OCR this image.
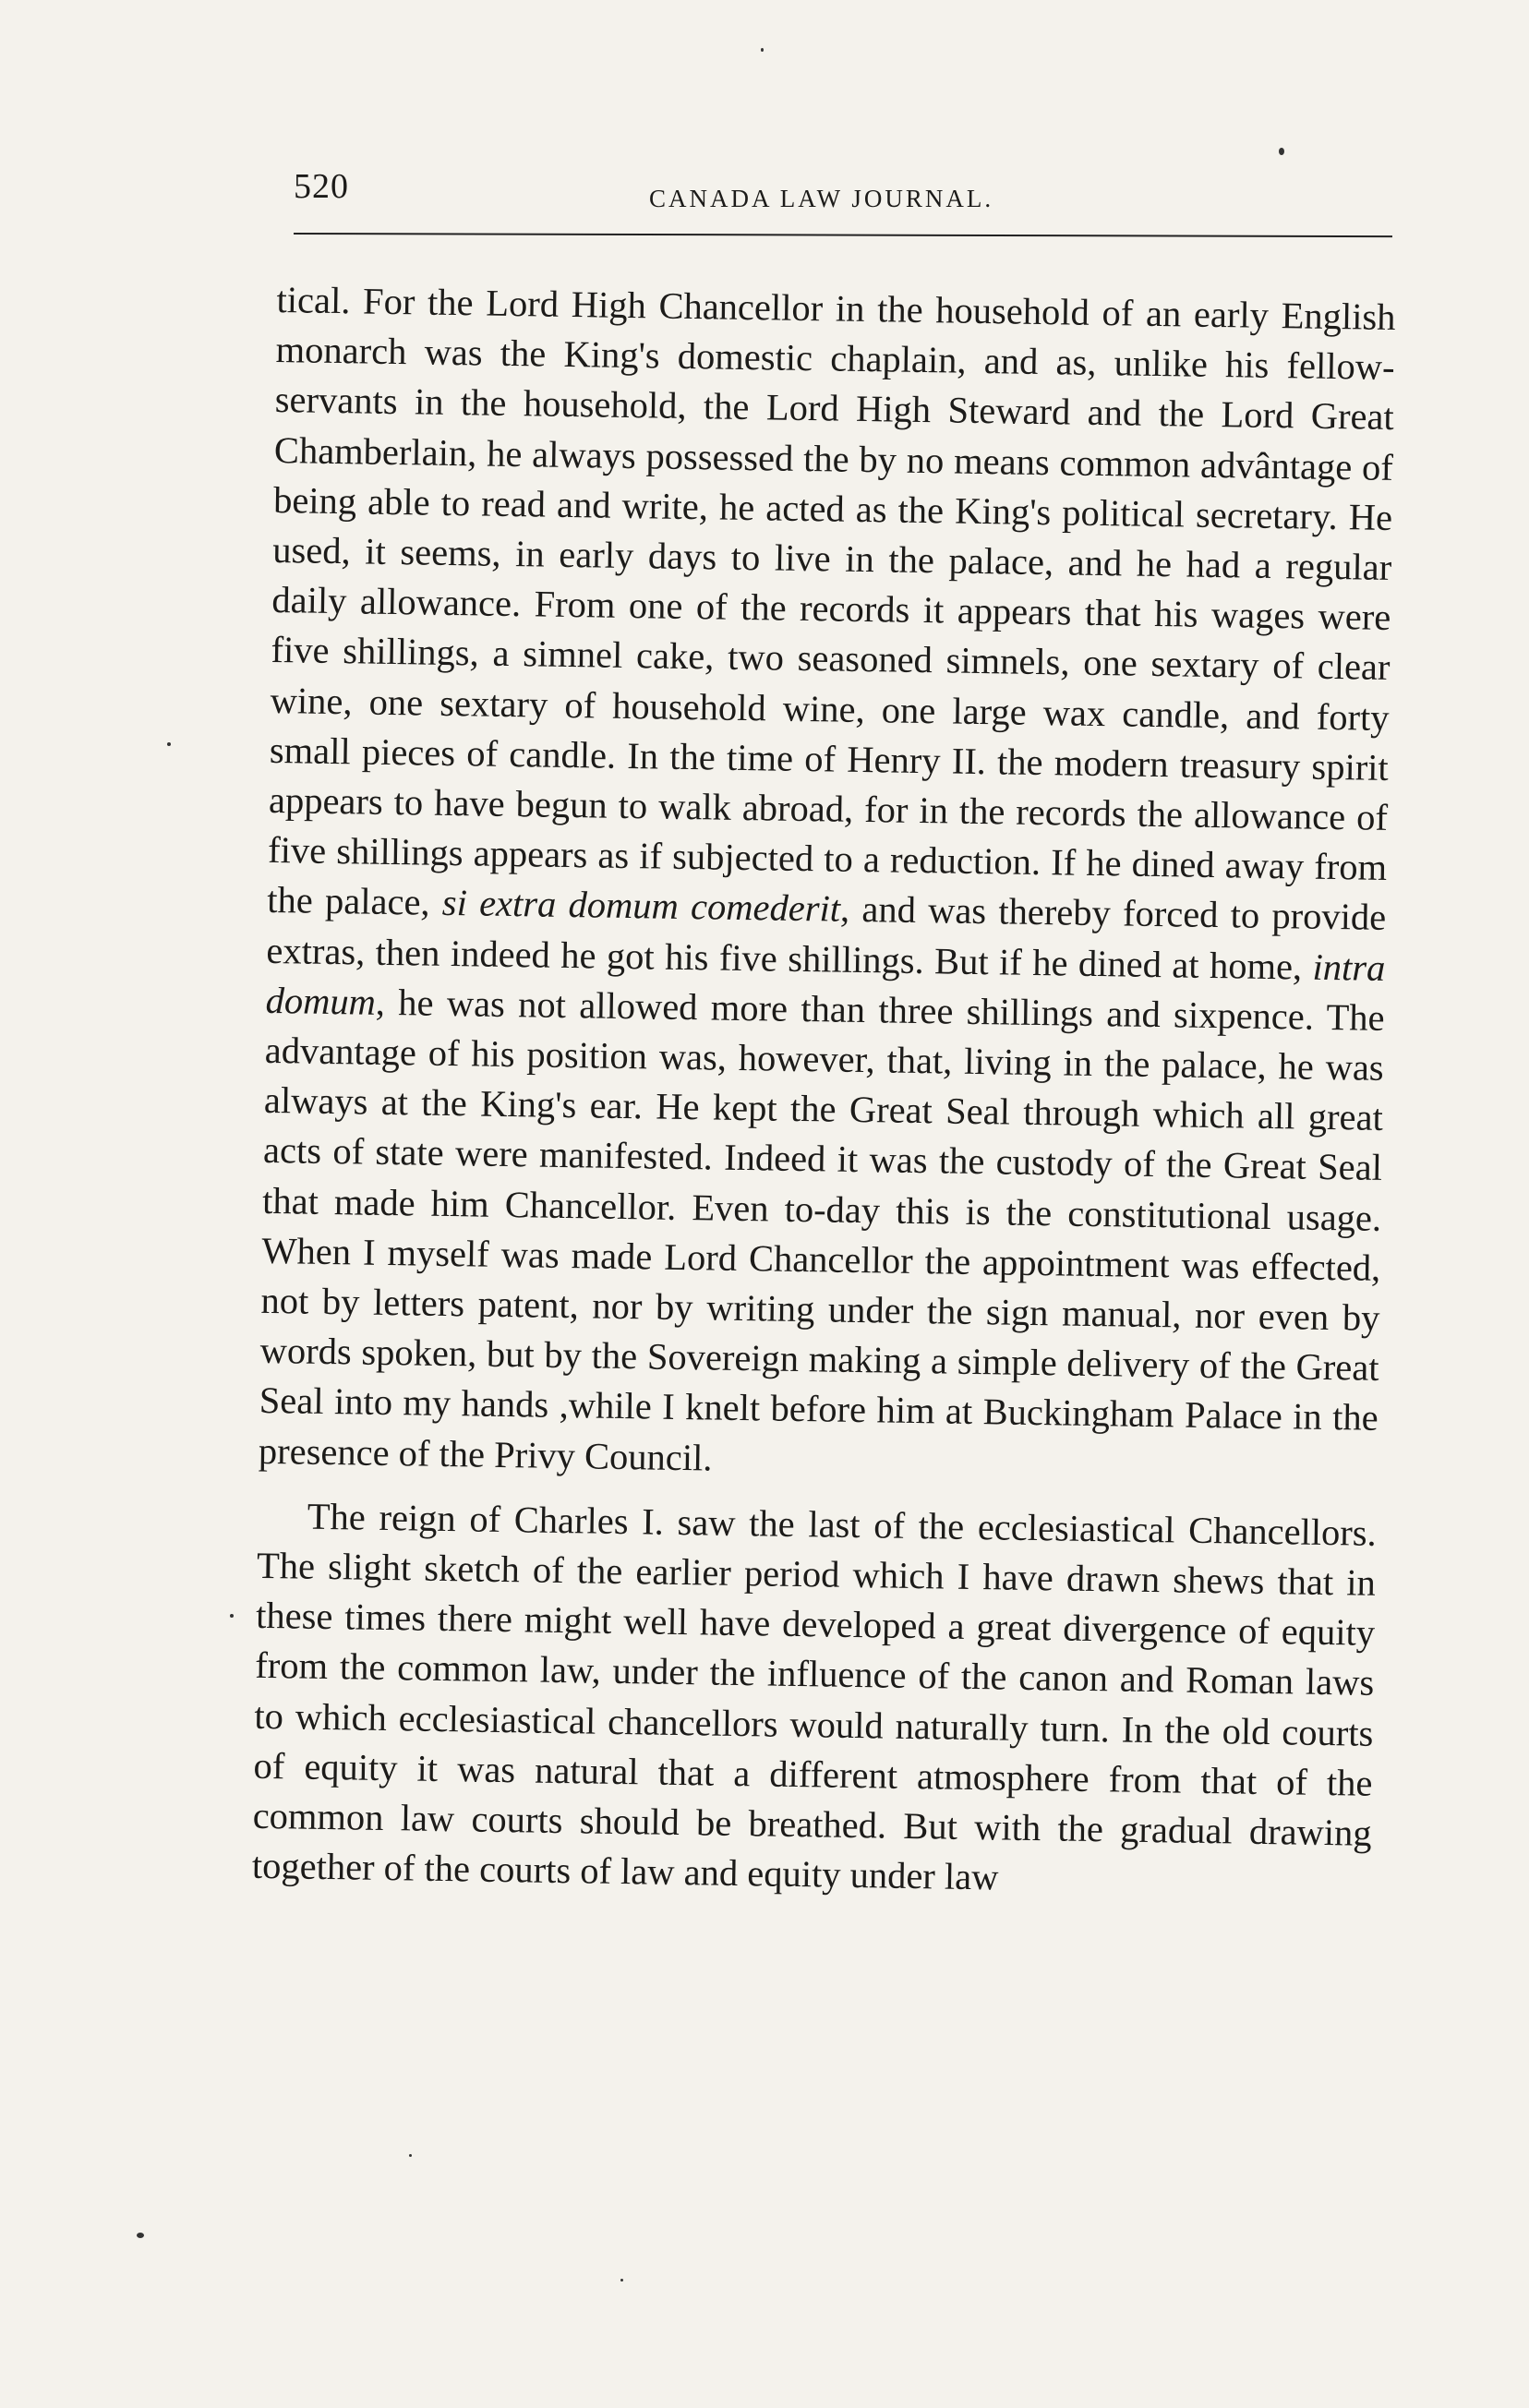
520	CANADA LAW JOURNAL.

tical. For the Lord High Chancellor in the household of an early English monarch was the King's domestic chaplain, and as, unlike his fellow-servants in the household, the Lord High Steward and the Lord Great Chamberlain, he always possessed the by no means common advântage of being able to read and write, he acted as the King's political secretary. He used, it seems, in early days to live in the palace, and he had a regular daily allowance. From one of the records it appears that his wages were five shillings, a simnel cake, two seasoned simnels, one sextary of clear wine, one sextary of household wine, one large wax candle, and forty small pieces of candle. In the time of Henry II. the modern treasury spirit appears to have begun to walk abroad, for in the records the allowance of five shillings appears as if subjected to a reduction. If he dined away from the palace, si extra domum comederit, and was thereby forced to provide extras, then indeed he got his five shillings. But if he dined at home, intra domum, he was not allowed more than three shillings and sixpence. The advantage of his position was, however, that, living in the palace, he was always at the King's ear. He kept the Great Seal through which all great acts of state were manifested. Indeed it was the custody of the Great Seal that made him Chancellor. Even to-day this is the constitutional usage. When I myself was made Lord Chancellor the appointment was effected, not by letters patent, nor by writing under the sign manual, nor even by words spoken, but by the Sovereign making a simple delivery of the Great Seal into my hands ,while I knelt before him at Buckingham Palace in the presence of the Privy Council.

The reign of Charles I. saw the last of the ecclesiastical Chancellors. The slight sketch of the earlier period which I have drawn shews that in these times there might well have developed a great divergence of equity from the common law, under the influence of the canon and Roman laws to which ecclesiastical chancellors would naturally turn. In the old courts of equity it was natural that a different atmosphere from that of the common law courts should be breathed. But with the gradual drawing together of the courts of law and equity under law
